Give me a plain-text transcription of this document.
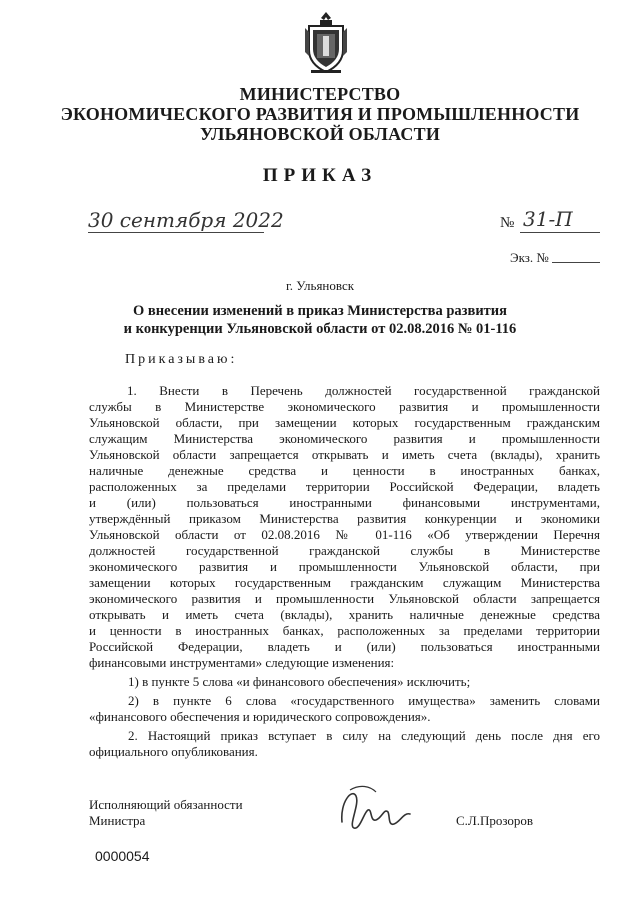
МИНИСТЕРСТВО
ЭКОНОМИЧЕСКОГО РАЗВИТИЯ И ПРОМЫШЛЕННОСТИ
УЛЬЯНОВСКОЙ ОБЛАСТИ
ПРИКАЗ
30 сентября 2022	№ 31-П
Экз. №
г. Ульяновск
О внесении изменений в приказ Министерства развития
и конкуренции Ульяновской области от 02.08.2016 № 01-116
Приказываю:
1. Внести в Перечень должностей государственной гражданской
службы в Министерстве экономического развития и промышленности
Ульяновской области, при замещении которых государственным гражданским
служащим Министерства экономического развития и промышленности
Ульяновской области запрещается открывать и иметь счета (вклады), хранить
наличные денежные средства и ценности в иностранных банках,
расположенных за пределами территории Российской Федерации, владеть
и (или) пользоваться иностранными финансовыми инструментами,
утверждённый приказом Министерства развития конкуренции и экономики
Ульяновской области от 02.08.2016 № 01-116 «Об утверждении Перечня
должностей государственной гражданской службы в Министерстве
экономического развития и промышленности Ульяновской области, при
замещении которых государственным гражданским служащим Министерства
экономического развития и промышленности Ульяновской области запрещается
открывать и иметь счета (вклады), хранить наличные денежные средства
и ценности в иностранных банках, расположенных за пределами территории
Российской Федерации, владеть и (или) пользоваться иностранными
финансовыми инструментами» следующие изменения:
1) в пункте 5 слова «и финансового обеспечения» исключить;
2) в пункте 6 слова «государственного имущества» заменить словами
«финансового обеспечения и юридического сопровождения».
2. Настоящий приказ вступает в силу на следующий день после дня его
официального опубликования.
Исполняющий обязанности
Министра	С.Л.Прозоров
0000054
